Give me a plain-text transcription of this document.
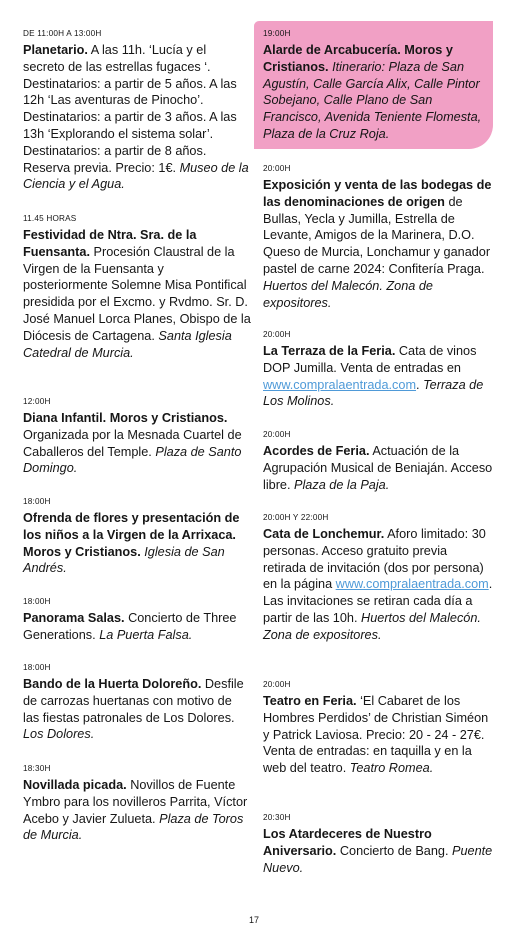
DE 11:00H A 13:00H
Planetario. A las 11h. ‘Lucía y el secreto de las estrellas fugaces ‘. Destinatarios: a partir de 5 años. A las 12h ‘Las aventuras de Pinocho’. Destinatarios: a partir de 3 años. A las 13h ‘Explorando el sistema solar’. Destinatarios: a partir de 8 años. Reserva previa. Precio: 1€. Museo de la Ciencia y el Agua.
11.45 HORAS
Festividad de Ntra. Sra. de la Fuensanta. Procesión Claustral de la Virgen de la Fuensanta y posteriormente Solemne Misa Pontifical presidida por el Excmo. y Rvdmo. Sr. D. José Manuel Lorca Planes, Obispo de la Diócesis de Cartagena. Santa Iglesia Catedral de Murcia.
12:00H
Diana Infantil. Moros y Cristianos. Organizada por la Mesnada Cuartel de Caballeros del Temple. Plaza de Santo Domingo.
18:00H
Ofrenda de flores y presentación de los niños a la Virgen de la Arrixaca. Moros y Cristianos. Iglesia de San Andrés.
18:00H
Panorama Salas. Concierto de Three Generations. La Puerta Falsa.
18:00H
Bando de la Huerta Doloreño. Desfile de carrozas huertanas con motivo de las fiestas patronales de Los Dolores. Los Dolores.
18:30H
Novillada picada. Novillos de Fuente Ymbro para los novilleros Parrita, Víctor Acebo y Javier Zulueta. Plaza de Toros de Murcia.
19:00H
Alarde de Arcabucería. Moros y Cristianos. Itinerario: Plaza de San Agustín, Calle García Alix, Calle Pintor Sobejano, Calle Plano de San Francisco, Avenida Teniente Flomesta, Plaza de la Cruz Roja.
20:00H
Exposición y venta de las bodegas de las denominaciones de origen de Bullas, Yecla y Jumilla, Estrella de Levante, Amigos de la Marinera, D.O. Queso de Murcia, Lonchamur y ganador pastel de carne 2024: Confitería Praga. Huertos del Malecón. Zona de expositores.
20:00H
La Terraza de la Feria. Cata de vinos DOP Jumilla. Venta de entradas en www.compralaentrada.com. Terraza de Los Molinos.
20:00H
Acordes de Feria. Actuación de la Agrupación Musical de Beniaján. Acceso libre. Plaza de la Paja.
20:00H Y 22:00H
Cata de Lonchemur. Aforo limitado: 30 personas. Acceso gratuito previa retirada de invitación (dos por persona) en la página www.compralaentrada.com. Las invitaciones se retiran cada día a partir de las 10h. Huertos del Malecón. Zona de expositores.
20:00H
Teatro en Feria. ‘El Cabaret de los Hombres Perdidos’ de Christian Siméon y Patrick Laviosa. Precio: 20 - 24 - 27€. Venta de entradas: en taquilla y en la web del teatro. Teatro Romea.
20:30H
Los Atardeceres de Nuestro Aniversario. Concierto de Bang. Puente Nuevo.
17
